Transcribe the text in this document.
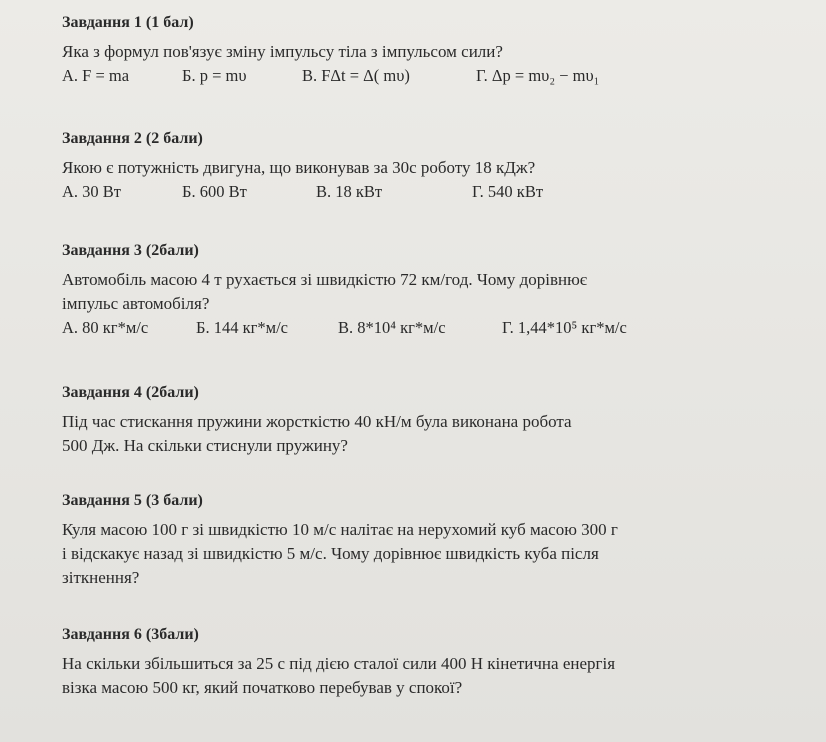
Завдання 1 (1 бал)
Яка з формул пов'язує зміну імпульсу тіла з імпульсом сили?
А. F = ma	Б. p = mυ	В. FΔt = Δ( mυ)	Г. Δp = mυ₂ − mυ₁
Завдання 2 (2 бали)
Якою є потужність двигуна, що виконував за 30с роботу 18 кДж?
А. 30 Вт	Б. 600 Вт	В. 18 кВт	Г. 540 кВт
Завдання 3 (2бали)
Автомобіль масою 4 т рухається зі швидкістю 72 км/год. Чому дорівнює
імпульс автомобіля?
А. 80 кг*м/с	Б. 144 кг*м/с	В. 8*10⁴ кг*м/с	Г. 1,44*10⁵ кг*м/с
Завдання 4 (2бали)
Під час стискання пружини жорсткістю 40 кН/м була виконана робота
500 Дж. На скільки стиснули пружину?
Завдання 5 (3 бали)
Куля масою 100 г зі швидкістю 10 м/с налітає на нерухомий куб масою 300 г
і відскакує назад зі швидкістю 5 м/с. Чому дорівнює швидкість куба після
зіткнення?
Завдання 6 (3бали)
На скільки збільшиться за 25 с під дією сталої сили 400 Н кінетична енергія
візка масою 500 кг, який початково перебував у спокої?
